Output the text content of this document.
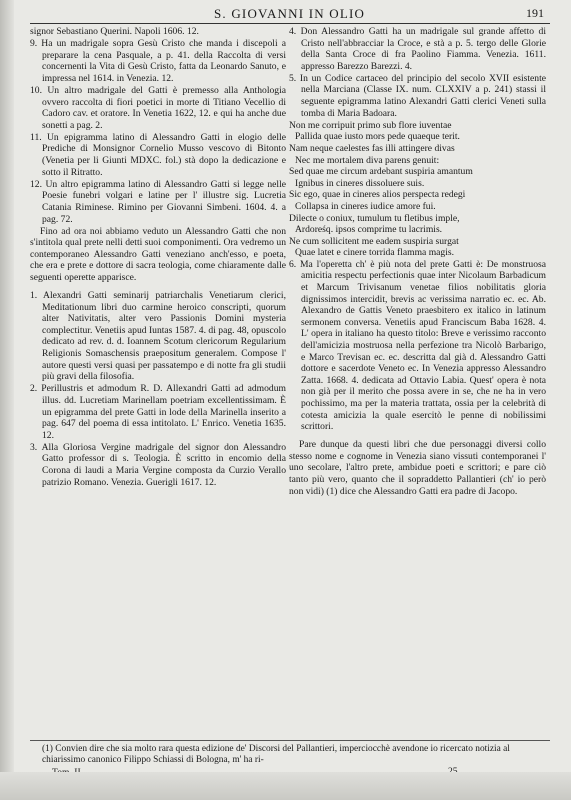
S. GIOVANNI IN OLIO	191

signor Sebastiano Querini. Napoli 1606. 12.

9. Ha un madrigale sopra Gesù Cristo che manda i discepoli a preparare la cena Pasquale, a p. 41. della Raccolta di versi concernenti la Vita di Gesù Cristo, fatta da Leonardo Sanuto, e impressa nel 1614. in Venezia. 12.

10. Un altro madrigale del Gatti è premesso alla Anthologia ovvero raccolta di fiori poetici in morte di Titiano Vecellio di Cadoro cav. et oratore. In Venetia 1622, 12. e qui ha anche due sonetti a pag. 2.

11. Un epigramma latino di Alessandro Gatti in elogio delle Prediche di Monsignor Cornelio Musso vescovo di Bitonto (Venetia per li Giunti MDXC. fol.) stà dopo la dedicazione e sotto il Ritratto.

12. Un altro epigramma latino di Alessandro Gatti si legge nelle Poesie funebri volgari e latine per l' illustre sig. Lucretia Catania Riminese. Rimino per Giovanni Simbeni. 1604. 4. a pag. 72.

Fino ad ora noi abbiamo veduto un Alessandro Gatti che non s'intitola qual prete nelli detti suoi componimenti. Ora vedremo un contemporaneo Alessandro Gatti veneziano anch'esso, e poeta, che era e prete e dottore di sacra teologia, come chiaramente dalle seguenti operette apparisce.

1. Alexandri Gatti seminarij patriarchalis Venetiarum clerici, Meditationum libri duo carmine heroico conscripti, quorum alter Nativitatis, alter vero Passionis Domini mysteria complectitur. Venetiis apud Iuntas 1587. 4. di pag. 48, opuscolo dedicato ad rev. d. d. Ioannem Scotum clericorum Regularium Religionis Somaschensis praepositum generalem. Compose l' autore questi versi quasi per passatempo e di notte fra gli studii più gravi della filosofia.

2. Perillustris et admodum R. D. Allexandri Gatti ad admodum illus. dd. Lucretiam Marinellam poetriam excellentissimam. È un epigramma del prete Gatti in lode della Marinella inserito a pag. 647 del poema di essa intitolato. L' Enrico. Venetia 1635. 12.

3. Alla Gloriosa Vergine madrigale del signor don Alessandro Gatto professor di s. Teologia. È scritto in encomio della Corona di laudi a Maria Vergine composta da Curzio Verallo patrizio Romano. Venezia. Guerigli 1617. 12.

4. Don Alessandro Gatti ha un madrigale sul grande affetto di Cristo nell'abbracciar la Croce, e stà a p. 5. tergo delle Glorie della Santa Croce di fra Paolino Fiamma. Venezia. 1611. appresso Barezzo Barezzi. 4.

5. In un Codice cartaceo del principio del secolo XVII esistente nella Marciana (Classe IX. num. CLXXIV a p. 241) stassi il seguente epigramma latino Alexandri Gatti clerici Veneti sulla tomba di Maria Badoara.

Non me corripuit primo sub flore iuventae

Pallida quae iusto mors pede quaeque terit.

Nam neque caelestes fas illi attingere divas

Nec me mortalem diva parens genuit:

Sed quae me circum ardebant suspiria amantum

Ignibus in cineres dissoluere suis.

Sic ego, quae in cineres alios perspecta redegi

Collapsa in cineres iudice amore fui.

Dilecte o coniux, tumulum tu fletibus imple,

Ardoreśq. ipsos comprime tu lacrimis.

Ne cum sollicitent me eadem suspiria surgat

Quae latet e cinere torrida flamma magis.

6. Ma l'operetta ch' è più nota del prete Gatti è: De monstruosa amicitia respectu perfectionis quae inter Nicolaum Barbadicum et Marcum Trivisanum venetae filios nobilitatis gloria dignissimos intercidit, brevis ac verissima narratio ec. ec. Ab. Alexandro de Gattis Veneto praesbitero ex italico in latinum sermonem conversa. Venetiis apud Franciscum Baba 1628. 4. L' opera in italiano ha questo titolo: Breve e verissimo racconto dell'amicizia mostruosa nella perfezione tra Nicolò Barbarigo, e Marco Trevisan ec. ec. descritta dal già d. Alessandro Gatti dottore e sacerdote Veneto ec. In Venezia appresso Alessandro Zatta. 1668. 4. dedicata ad Ottavio Labia. Quest' opera è nota non già per il merito che possa avere in se, che ne ha in vero pochissimo, ma per la materia trattata, ossia per la celebrità di cotesta amicizia la quale esercitò le penne di nobilissimi scrittori.

Pare dunque da questi libri che due personaggi diversi collo stesso nome e cognome in Venezia siano vissuti contemporanei l' uno secolare, l'altro prete, ambidue poeti e scrittori; e pare ciò tanto più vero, quanto che il sopraddetto Pallantieri (ch' io però non vidi) (1) dice che Alessandro Gatti era padre di Jacopo.

(1) Convien dire che sia molto rara questa edizione de' Discorsi del Pallantieri, imperciocchè avendone io ricercato notizia al chiarissimo canonico Filippo Schiassi di Bologna, m' ha ri-
